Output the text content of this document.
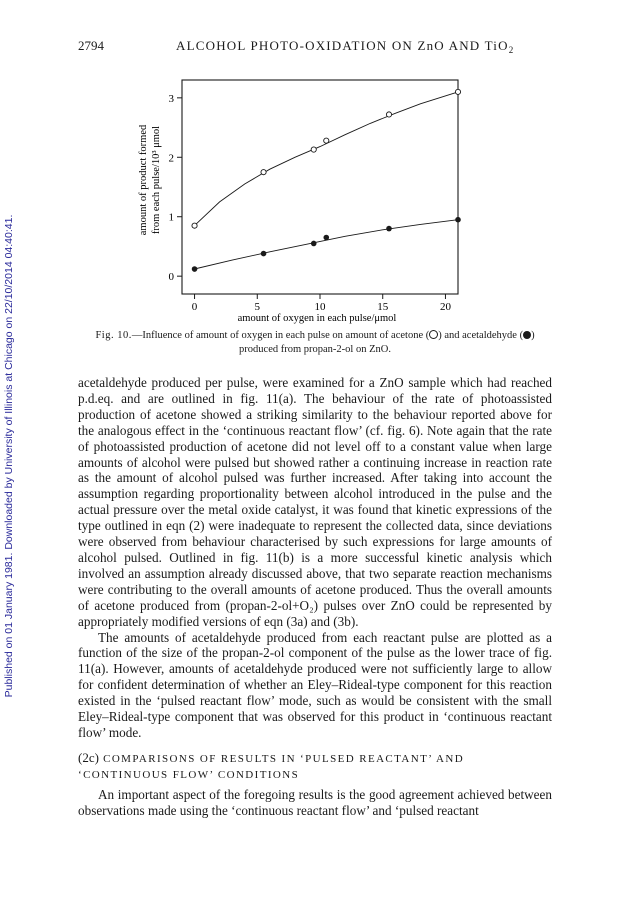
Published on 01 January 1981. Downloaded by University of Illinois at Chicago on 22/10/2014 04:40:41.
2794	ALCOHOL PHOTO-OXIDATION ON ZnO AND TiO$_2$
0	5	10	15	20
0
1
2
3
amount of product formed from each pulse/10³ μmol
amount of oxygen in each pulse/μmol
Fig. 10.—Influence of amount of oxygen in each pulse on amount of acetone ( ) and acetaldehyde ( ) produced from propan-2-ol on ZnO.

acetaldehyde produced per pulse, were examined for a ZnO sample which had reached p.d.eq. and are outlined in fig. 11(a). The behaviour of the rate of photoassisted production of acetone showed a striking similarity to the behaviour reported above for the analogous effect in the ‘continuous reactant flow’ (cf. fig. 6). Note again that the rate of photoassisted production of acetone did not level off to a constant value when large amounts of alcohol were pulsed but showed rather a continuing increase in reaction rate as the amount of alcohol pulsed was further increased. After taking into account the assumption regarding proportionality between alcohol introduced in the pulse and the actual pressure over the metal oxide catalyst, it was found that kinetic expressions of the type outlined in eqn (2) were inadequate to represent the collected data, since deviations were observed from behaviour characterised by such expressions for large amounts of alcohol pulsed. Outlined in fig. 11(b) is a more successful kinetic analysis which involved an assumption already discussed above, that two separate reaction mechanisms were contributing to the overall amounts of acetone produced. Thus the overall amounts of acetone produced from (propan-2-ol+O₂) pulses over ZnO could be represented by appropriately modified versions of eqn (3a) and (3b).

The amounts of acetaldehyde produced from each reactant pulse are plotted as a function of the size of the propan-2-ol component of the pulse as the lower trace of fig. 11(a). However, amounts of acetaldehyde produced were not sufficiently large to allow for confident determination of whether an Eley–Rideal-type component for this reaction existed in the ‘pulsed reactant flow’ mode, such as would be consistent with the small Eley–Rideal-type component that was observed for this product in ‘continuous reactant flow’ mode.

(2c) COMPARISONS OF RESULTS IN ‘PULSED REACTANT’ AND ‘CONTINUOUS FLOW’ CONDITIONS

An important aspect of the foregoing results is the good agreement achieved between observations made using the ‘continuous reactant flow’ and ‘pulsed reactant
